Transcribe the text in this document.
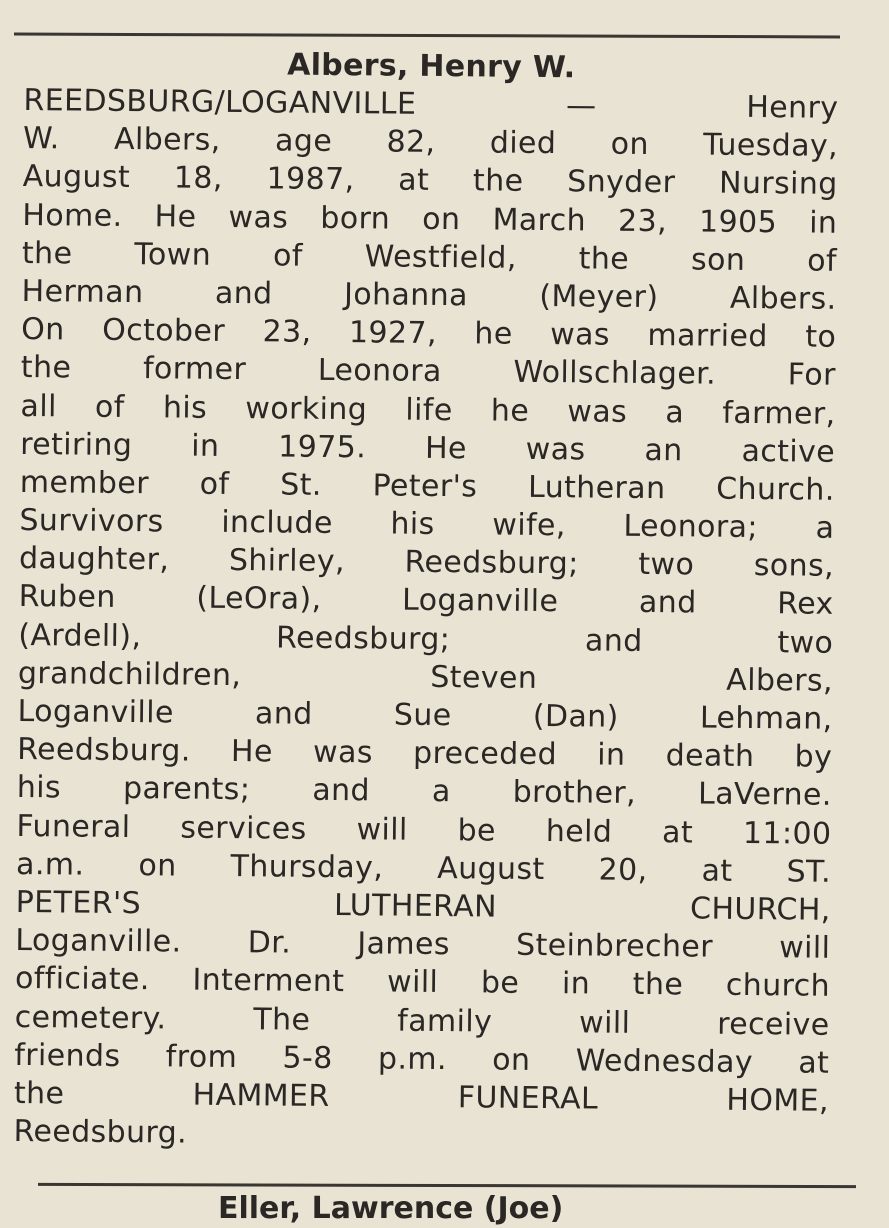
Albers, Henry W.
REEDSBURG/LOGANVILLE — Henry
W. Albers, age 82, died on Tuesday,
August 18, 1987, at the Snyder Nursing
Home. He was born on March 23, 1905 in
the Town of Westfield, the son of
Herman and Johanna (Meyer) Albers.
On October 23, 1927, he was married to
the former Leonora Wollschlager. For
all of his working life he was a farmer,
retiring in 1975. He was an active
member of St. Peter's Lutheran Church.
Survivors include his wife, Leonora; a
daughter, Shirley, Reedsburg; two sons,
Ruben (LeOra), Loganville and Rex
(Ardell), Reedsburg; and two
grandchildren, Steven Albers,
Loganville and Sue (Dan) Lehman,
Reedsburg. He was preceded in death by
his parents; and a brother, LaVerne.
Funeral services will be held at 11:00
a.m. on Thursday, August 20, at ST.
PETER'S LUTHERAN CHURCH,
Loganville. Dr. James Steinbrecher will
officiate. Interment will be in the church
cemetery. The family will receive
friends from 5-8 p.m. on Wednesday at
the HAMMER FUNERAL HOME,
Reedsburg.
Eller, Lawrence (Joe)
